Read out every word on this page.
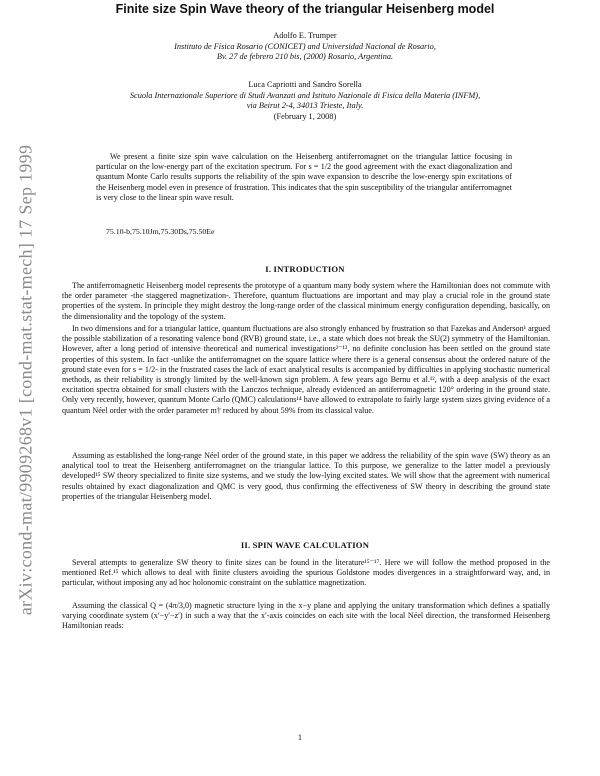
arXiv:cond-mat/9909268v1 [cond-mat.stat-mech] 17 Sep 1999
Finite size Spin Wave theory of the triangular Heisenberg model
Adolfo E. Trumper
Instituto de Física Rosario (CONICET) and Universidad Nacional de Rosario,
Bv. 27 de febrero 210 bis, (2000) Rosario, Argentina.
Luca Capriotti and Sandro Sorella
Scuola Internazionale Superiore di Studi Avanzati and Istituto Nazionale di Fisica della Materia (INFM),
via Beirut 2-4, 34013 Trieste, Italy.
(February 1, 2008)
We present a finite size spin wave calculation on the Heisenberg antiferromagnet on the triangular lattice focusing in particular on the low-energy part of the excitation spectrum. For s = 1/2 the good agreement with the exact diagonalization and quantum Monte Carlo results supports the reliability of the spin wave expansion to describe the low-energy spin excitations of the Heisenberg model even in presence of frustration. This indicates that the spin susceptibility of the triangular antiferromagnet is very close to the linear spin wave result.
75.10-b,75.10Jm,75.30Ds,75.50Ee
I. INTRODUCTION
The antiferromagnetic Heisenberg model represents the prototype of a quantum many body system where the Hamiltonian does not commute with the order parameter -the staggered magnetization-. Therefore, quantum fluctuations are important and may play a crucial role in the ground state properties of the system. In principle they might destroy the long-range order of the classical minimum energy configuration depending, basically, on the dimensionality and the topology of the system.
In two dimensions and for a triangular lattice, quantum fluctuations are also strongly enhanced by frustration so that Fazekas and Anderson¹ argued the possible stabilization of a resonating valence bond (RVB) ground state, i.e., a state which does not break the SU(2) symmetry of the Hamiltonian. However, after a long period of intensive theoretical and numerical investigations²⁻¹³, no definite conclusion has been settled on the ground state properties of this system. In fact -unlike the antiferromagnet on the square lattice where there is a general consensus about the ordered nature of the ground state even for s = 1/2- in the frustrated cases the lack of exact analytical results is accompanied by difficulties in applying stochastic numerical methods, as their reliability is strongly limited by the well-known sign problem. A few years ago Bernu et al.¹², with a deep analysis of the exact excitation spectra obtained for small clusters with the Lanczos technique, already evidenced an antiferromagnetic 120° ordering in the ground state. Only very recently, however, quantum Monte Carlo (QMC) calculations¹⁴ have allowed to extrapolate to fairly large system sizes giving evidence of a quantum Néel order with the order parameter m† reduced by about 59% from its classical value.
Assuming as established the long-range Néel order of the ground state, in this paper we address the reliability of the spin wave (SW) theory as an analytical tool to treat the Heisenberg antiferromagnet on the triangular lattice. To this purpose, we generalize to the latter model a previously developed¹⁵ SW theory specialized to finite size systems, and we study the low-lying excited states. We will show that the agreement with numerical results obtained by exact diagonalization and QMC is very good, thus confirming the effectiveness of SW theory in describing the ground state properties of the triangular Heisenberg model.
II. SPIN WAVE CALCULATION
Several attempts to generalize SW theory to finite sizes can be found in the literature¹⁵⁻¹⁷. Here we will follow the method proposed in the mentioned Ref.¹⁵ which allows to deal with finite clusters avoiding the spurious Goldstone modes divergences in a straightforward way, and, in particular, without imposing any ad hoc holonomic constraint on the sublattice magnetization.
Assuming the classical Q = (4π/3,0) magnetic structure lying in the x−y plane and applying the unitary transformation which defines a spatially varying coordinate system (x′−y′−z′) in such a way that the x′-axis coincides on each site with the local Néel direction, the transformed Heisenberg Hamiltonian reads:
1
